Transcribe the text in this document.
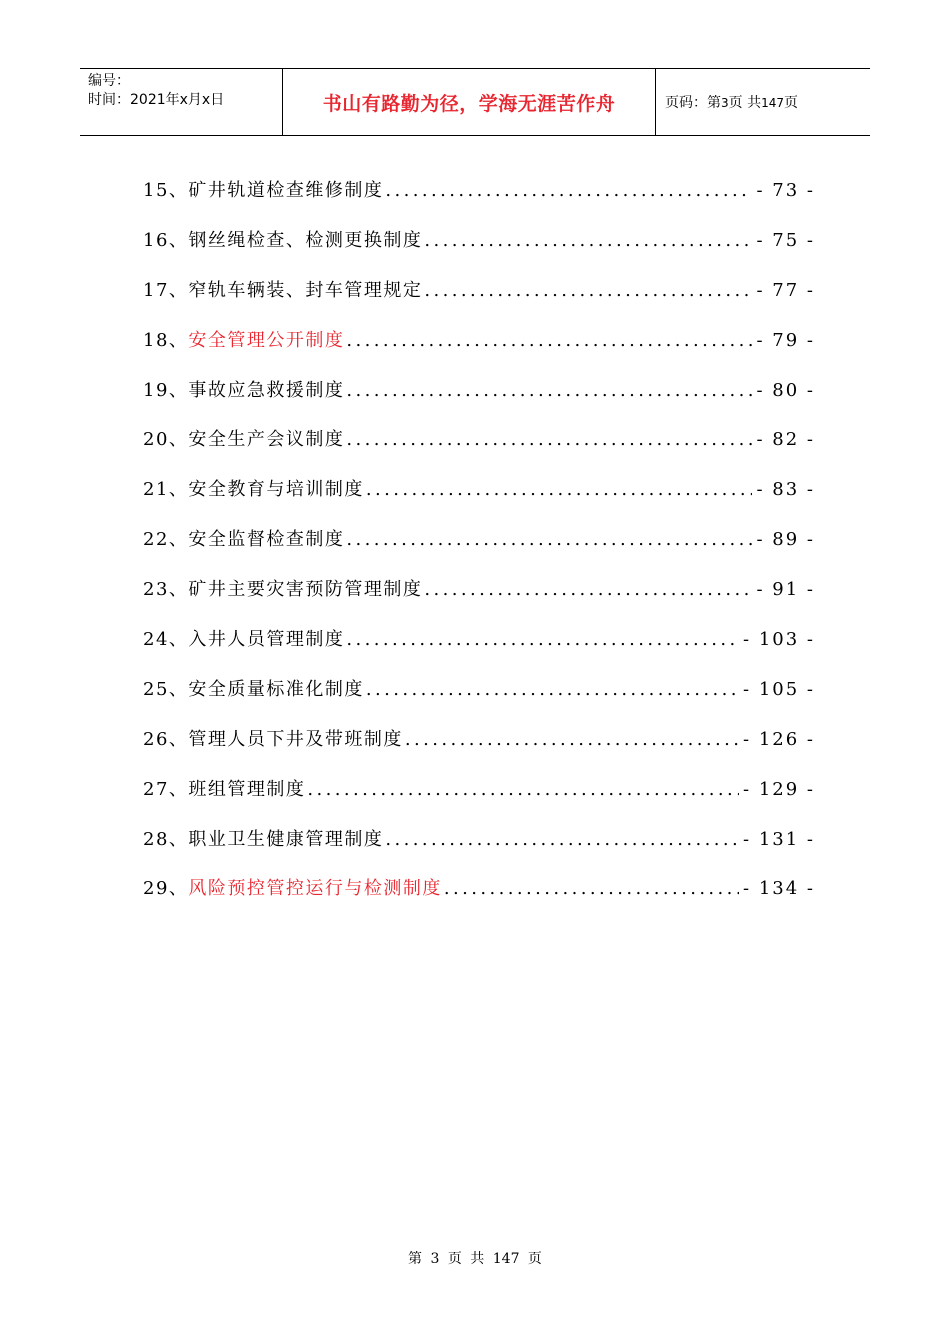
编号：
时间：2021年x月x日	书山有路勤为径，学海无涯苦作舟	页码：第3页 共147页
15、 矿井轨道检查维修制度 .....	- 73 -
16、 钢丝绳检查、检测更换制度 .....	- 75 -
17、 窄轨车辆装、封车管理规定 .....	- 77 -
18、 安全管理公开制度 .....	- 79 -
19、 事故应急救援制度 .....	- 80 -
20、 安全生产会议制度 .....	- 82 -
21、 安全教育与培训制度 .....	- 83 -
22、 安全监督检查制度 .....	- 89 -
23、 矿井主要灾害预防管理制度 .....	- 91 -
24、 入井人员管理制度 .....	- 103 -
25、 安全质量标准化制度 .....	- 105 -
26、 管理人员下井及带班制度 .....	- 126 -
27、 班组管理制度 .....	- 129 -
28、 职业卫生健康管理制度 .....	- 131 -
29、 风险预控管控运行与检测制度 .....	- 134 -
第 3 页 共 147 页
